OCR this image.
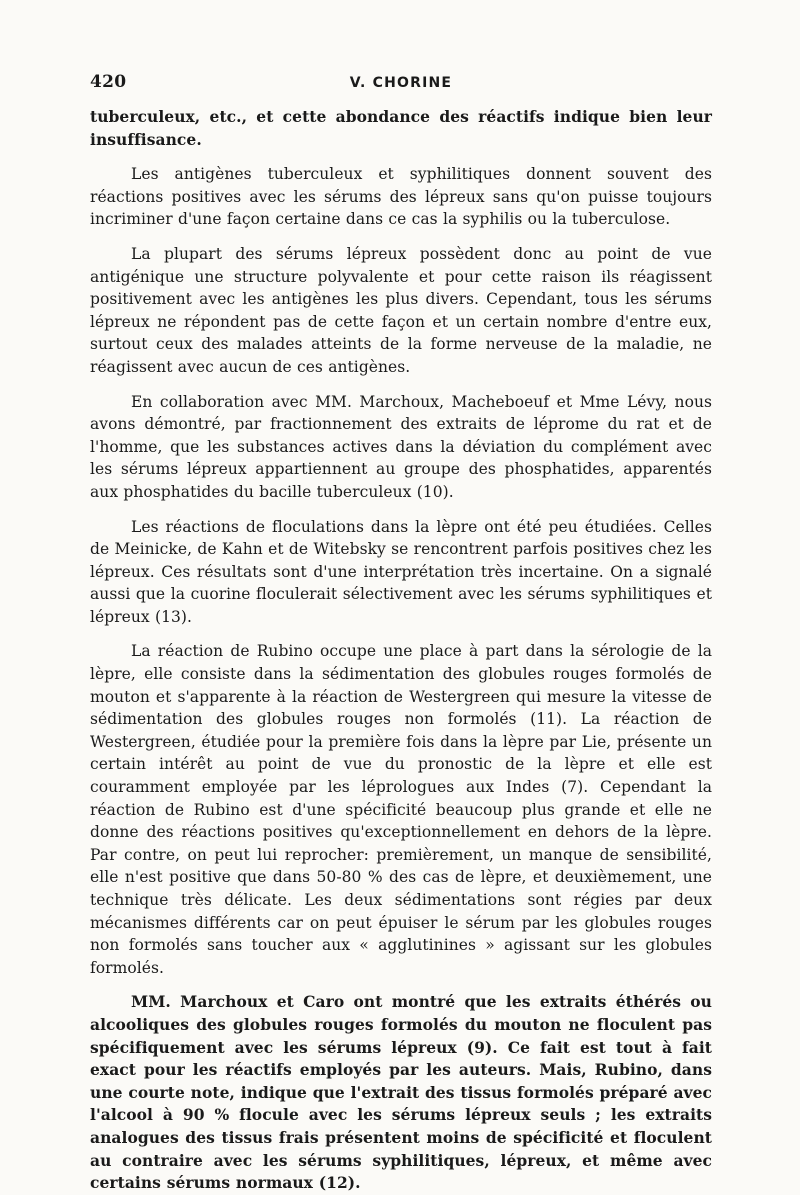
420	V. CHORINE

tuberculeux, etc., et cette abondance des réactifs indique bien leur insuffisance.

Les antigènes tuberculeux et syphilitiques donnent souvent des réactions positives avec les sérums des lépreux sans qu'on puisse toujours incriminer d'une façon certaine dans ce cas la syphilis ou la tuberculose.

La plupart des sérums lépreux possèdent donc au point de vue antigénique une structure polyvalente et pour cette raison ils réagissent positivement avec les antigènes les plus divers. Cependant, tous les sérums lépreux ne répondent pas de cette façon et un certain nombre d'entre eux, surtout ceux des malades atteints de la forme nerveuse de la maladie, ne réagissent avec aucun de ces antigènes.

En collaboration avec MM. Marchoux, Macheboeuf et Mme Lévy, nous avons démontré, par fractionnement des extraits de léprome du rat et de l'homme, que les substances actives dans la déviation du complément avec les sérums lépreux appartiennent au groupe des phosphatides, apparentés aux phosphatides du bacille tuberculeux (10).

Les réactions de floculations dans la lèpre ont été peu étudiées. Celles de Meinicke, de Kahn et de Witebsky se rencontrent parfois positives chez les lépreux. Ces résultats sont d'une interprétation très incertaine. On a signalé aussi que la cuorine floculerait sélectivement avec les sérums syphilitiques et lépreux (13).

La réaction de Rubino occupe une place à part dans la sérologie de la lèpre, elle consiste dans la sédimentation des globules rouges formolés de mouton et s'apparente à la réaction de Westergreen qui mesure la vitesse de sédimentation des globules rouges non formolés (11). La réaction de Westergreen, étudiée pour la première fois dans la lèpre par Lie, présente un certain intérêt au point de vue du pronostic de la lèpre et elle est couramment employée par les léprologues aux Indes (7). Cependant la réaction de Rubino est d'une spécificité beaucoup plus grande et elle ne donne des réactions positives qu'exceptionnellement en dehors de la lèpre. Par contre, on peut lui reprocher: premièrement, un manque de sensibilité, elle n'est positive que dans 50-80 % des cas de lèpre, et deuxièmement, une technique très délicate. Les deux sédimentations sont régies par deux mécanismes différents car on peut épuiser le sérum par les globules rouges non formolés sans toucher aux « agglutinines » agissant sur les globules formolés.

MM. Marchoux et Caro ont montré que les extraits éthérés ou alcooliques des globules rouges formolés du mouton ne floculent pas spécifiquement avec les sérums lépreux (9). Ce fait est tout à fait exact pour les réactifs employés par les auteurs. Mais, Rubino, dans une courte note, indique que l'extrait des tissus formolés préparé avec l'alcool à 90 % flocule avec les sérums lépreux seuls ; les extraits analogues des tissus frais présentent moins de spécificité et floculent au contraire avec les sérums syphilitiques, lépreux, et même avec certains sérums normaux (12).
